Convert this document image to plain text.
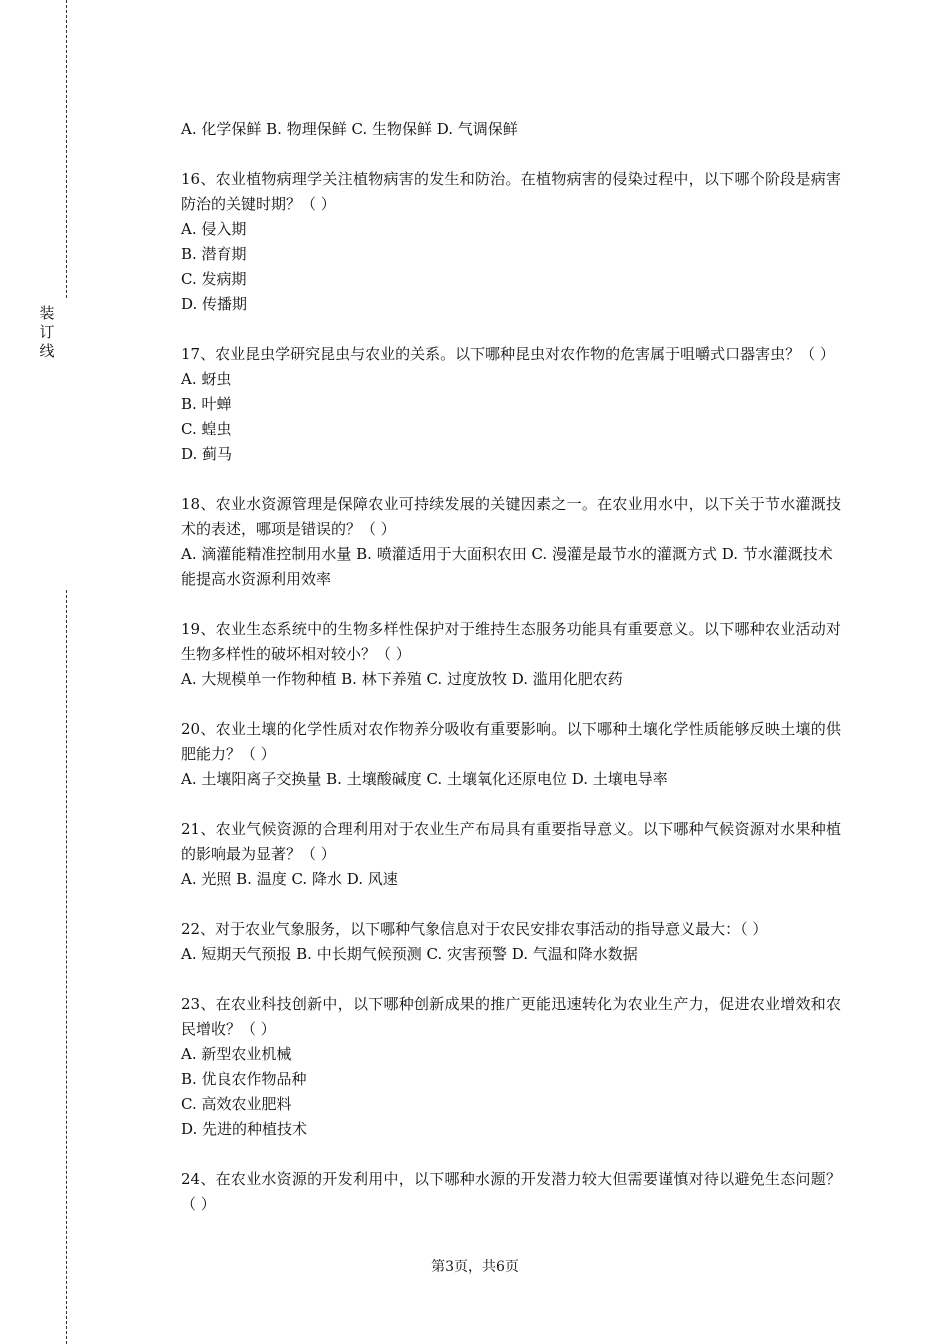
装
订
线

A. 化学保鲜 B. 物理保鲜 C. 生物保鲜 D. 气调保鲜

16、农业植物病理学关注植物病害的发生和防治。在植物病害的侵染过程中，以下哪个阶段是病害防治的关键时期？（ ）

A. 侵入期

B. 潜育期

C. 发病期

D. 传播期

17、农业昆虫学研究昆虫与农业的关系。以下哪种昆虫对农作物的危害属于咀嚼式口器害虫？（ ）

A. 蚜虫

B. 叶蝉

C. 蝗虫

D. 蓟马

18、农业水资源管理是保障农业可持续发展的关键因素之一。在农业用水中，以下关于节水灌溉技术的表述，哪项是错误的？（ ）

A. 滴灌能精准控制用水量 B. 喷灌适用于大面积农田 C. 漫灌是最节水的灌溉方式 D. 节水灌溉技术能提高水资源利用效率

19、农业生态系统中的生物多样性保护对于维持生态服务功能具有重要意义。以下哪种农业活动对生物多样性的破坏相对较小？（ ）

A. 大规模单一作物种植 B. 林下养殖 C. 过度放牧 D. 滥用化肥农药

20、农业土壤的化学性质对农作物养分吸收有重要影响。以下哪种土壤化学性质能够反映土壤的供肥能力？（ ）

A. 土壤阳离子交换量 B. 土壤酸碱度 C. 土壤氧化还原电位 D. 土壤电导率

21、农业气候资源的合理利用对于农业生产布局具有重要指导意义。以下哪种气候资源对水果种植的影响最为显著？（ ）

A. 光照 B. 温度 C. 降水 D. 风速

22、对于农业气象服务，以下哪种气象信息对于农民安排农事活动的指导意义最大：（ ）

A. 短期天气预报 B. 中长期气候预测 C. 灾害预警 D. 气温和降水数据

23、在农业科技创新中，以下哪种创新成果的推广更能迅速转化为农业生产力，促进农业增效和农民增收？（ ）

A. 新型农业机械

B. 优良农作物品种

C. 高效农业肥料

D. 先进的种植技术

24、在农业水资源的开发利用中，以下哪种水源的开发潜力较大但需要谨慎对待以避免生态问题？（ ）

第3页，共6页
